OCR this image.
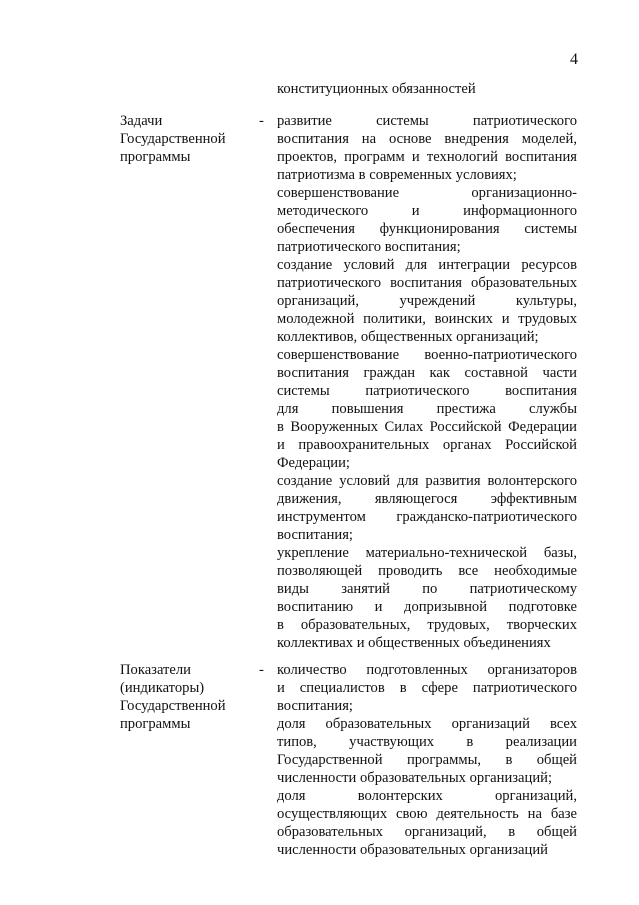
4
конституционных обязанностей
Задачи
Государственной
программы
- развитие системы патриотического
воспитания на основе внедрения моделей,
проектов, программ и технологий воспитания
патриотизма в современных условиях;
совершенствование организационно-
методического и информационного
обеспечения функционирования системы
патриотического воспитания;
создание условий для интеграции ресурсов
патриотического воспитания образовательных
организаций, учреждений культуры,
молодежной политики, воинских и трудовых
коллективов, общественных организаций;
совершенствование военно-патриотического
воспитания граждан как составной части
системы патриотического воспитания
для повышения престижа службы
в Вооруженных Силах Российской Федерации
и правоохранительных органах Российской
Федерации;
создание условий для развития волонтерского
движения, являющегося эффективным
инструментом гражданско-патриотического
воспитания;
укрепление материально-технической базы,
позволяющей проводить все необходимые
виды занятий по патриотическому
воспитанию и допризывной подготовке
в образовательных, трудовых, творческих
коллективах и общественных объединениях
Показатели
(индикаторы)
Государственной
программы
- количество подготовленных организаторов
и специалистов в сфере патриотического
воспитания;
доля образовательных организаций всех
типов, участвующих в реализации
Государственной программы, в общей
численности образовательных организаций;
доля волонтерских организаций,
осуществляющих свою деятельность на базе
образовательных организаций, в общей
численности образовательных организаций
